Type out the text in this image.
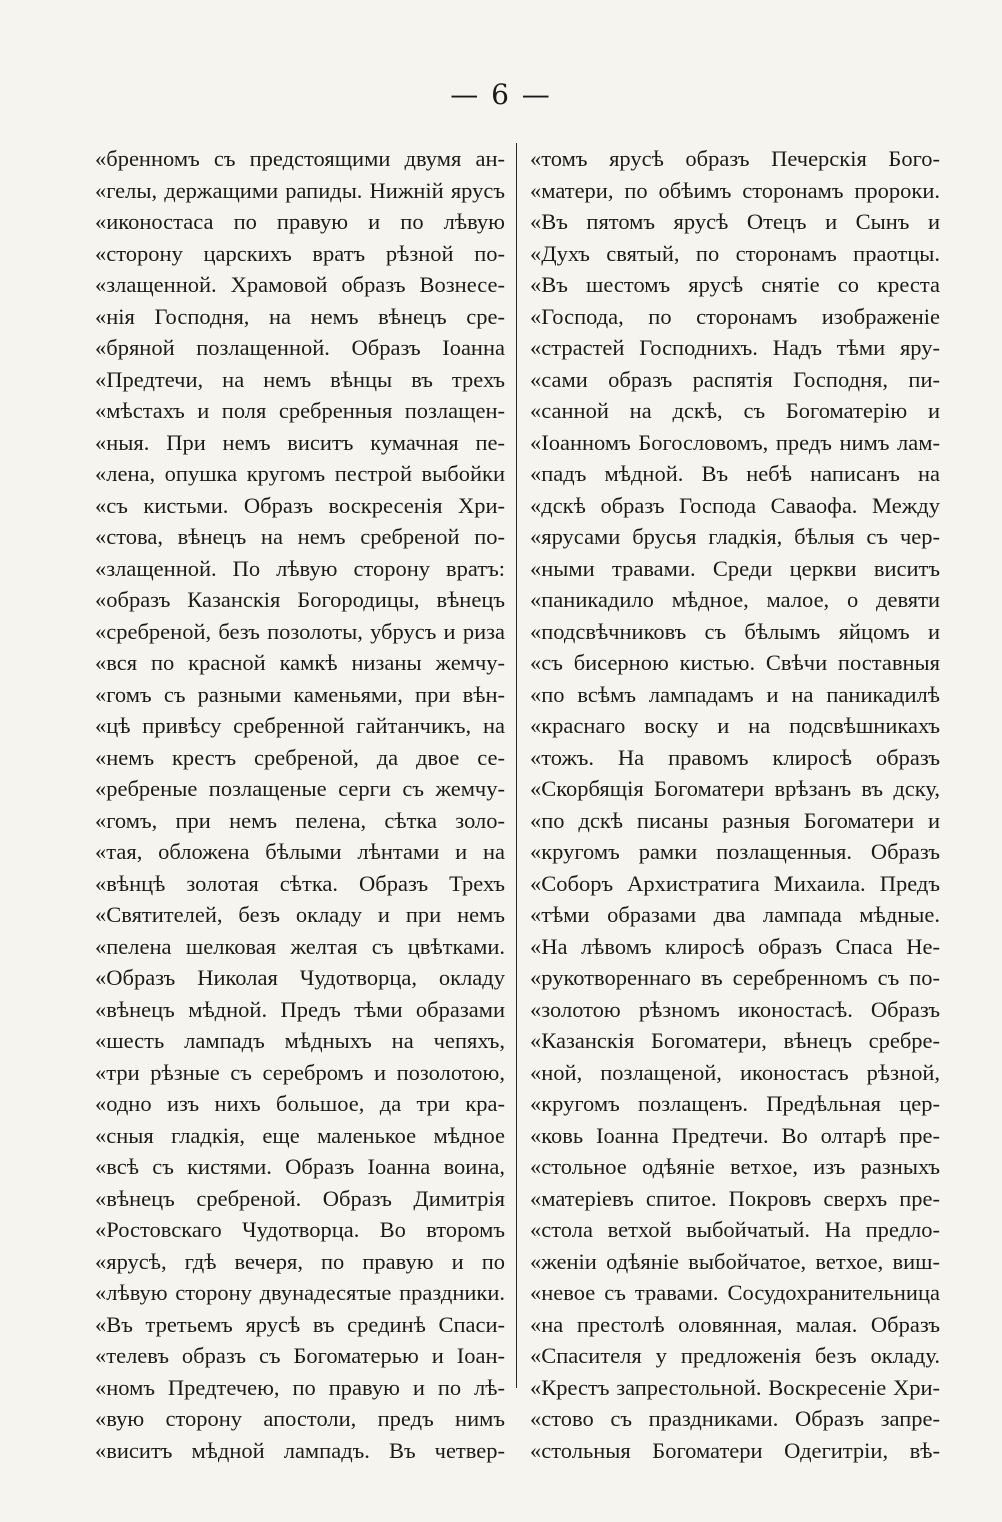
— 6 —
«бренномъ съ предстоящими двумя ан-
«гелы, держащими рапиды. Нижнiй ярусъ
«иконостаса по правую и по лѣвую
«сторону царскихъ вратъ рѣзной по-
«злащенной. Храмовой образъ Вознесе-
«нiя Господня, на немъ вѣнецъ сре-
«бряной позлащенной. Образъ Iоанна
«Предтечи, на немъ вѣнцы въ трехъ
«мѣстахъ и поля сребренныя позлащен-
«ныя. При немъ виситъ кумачная пе-
«лена, опушка кругомъ пестрой выбойки
«съ кистьми. Образъ воскресенiя Хри-
«стова, вѣнецъ на немъ сребреной по-
«злащенной. По лѣвую сторону вратъ:
«образъ Казанскiя Богородицы, вѣнецъ
«сребреной, безъ позолоты, убрусъ и риза
«вся по красной камкѣ низаны жемчу-
«гомъ съ разными каменьями, при вѣн-
«цѣ привѣсу сребренной гайтанчикъ, на
«немъ крестъ сребреной, да двое се-
«ребреные позлащеные серги съ жемчу-
«гомъ, при немъ пелена, сѣтка золо-
«тая, обложена бѣлыми лѣнтами и на
«вѣнцѣ золотая сѣтка. Образъ Трехъ
«Святителей, безъ окладу и при немъ
«пелена шелковая желтая съ цвѣтками.
«Образъ Николая Чудотворца, окладу
«вѣнецъ мѣдной. Предъ тѣми образами
«шесть лампадъ мѣдныхъ на чепяхъ,
«три рѣзные съ серебромъ и позолотою,
«одно изъ нихъ большое, да три кра-
«сныя гладкiя, еще маленькое мѣдное
«всѣ съ кистями. Образъ Iоанна воина,
«вѣнецъ сребреной. Образъ Димитрiя
«Ростовскаго Чудотворца. Во второмъ
«ярусѣ, гдѣ вечеря, по правую и по
«лѣвую сторону двунадесятые праздники.
«Въ третьемъ ярусѣ въ срединѣ Спаси-
«телевъ образъ съ Богоматерью и Iоан-
«номъ Предтечею, по правую и по лѣ-
«вую сторону апостоли, предъ нимъ
«виситъ мѣдной лампадъ. Въ четвер-
«томъ ярусѣ образъ Печерскiя Бого-
«матери, по обѣимъ сторонамъ пророки.
«Въ пятомъ ярусѣ Отецъ и Сынъ и
«Духъ святый, по сторонамъ праотцы.
«Въ шестомъ ярусѣ снятiе со креста
«Господа, по сторонамъ изображенiе
«страстей Господнихъ. Надъ тѣми яру-
«сами образъ распятiя Господня, пи-
«санной на дскѣ, съ Богоматерiю и
«Iоанномъ Богословомъ, предъ нимъ лам-
«падъ мѣдной. Въ небѣ написанъ на
«дскѣ образъ Господа Саваофа. Между
«ярусами брусья гладкiя, бѣлыя съ чер-
«ными травами. Среди церкви виситъ
«паникадило мѣдное, малое, о девяти
«подсвѣчниковъ съ бѣлымъ яйцомъ и
«съ бисерною кистью. Свѣчи поставныя
«по всѣмъ лампадамъ и на паникадилѣ
«краснаго воску и на подсвѣшникахъ
«тожъ. На правомъ клиросѣ образъ
«Скорбящiя Богоматери врѣзанъ въ дску,
«по дскѣ писаны разныя Богоматери и
«кругомъ рамки позлащенныя. Образъ
«Соборъ Архистратига Михаила. Предъ
«тѣми образами два лампада мѣдные.
«На лѣвомъ клиросѣ образъ Спаса Не-
«рукотвореннаго въ серебренномъ съ по-
«золотою рѣзномъ иконостасѣ. Образъ
«Казанскiя Богоматери, вѣнецъ сребре-
«ной, позлащеной, иконостасъ рѣзной,
«кругомъ позлащенъ. Предѣльная цер-
«ковь Iоанна Предтечи. Во олтарѣ пре-
«стольное одѣянiе ветхое, изъ разныхъ
«матерiевъ спитое. Покровъ сверхъ пре-
«стола ветхой выбойчатый. На предло-
«женiи одѣянiе выбойчатое, ветхое, виш-
«невое съ травами. Сосудохранительница
«на престолѣ оловянная, малая. Образъ
«Спасителя у предложенiя безъ окладу.
«Крестъ запрестольной. Воскресенiе Хри-
«стово съ праздниками. Образъ запре-
«стольныя Богоматери Одегитрiи, вѣ-
